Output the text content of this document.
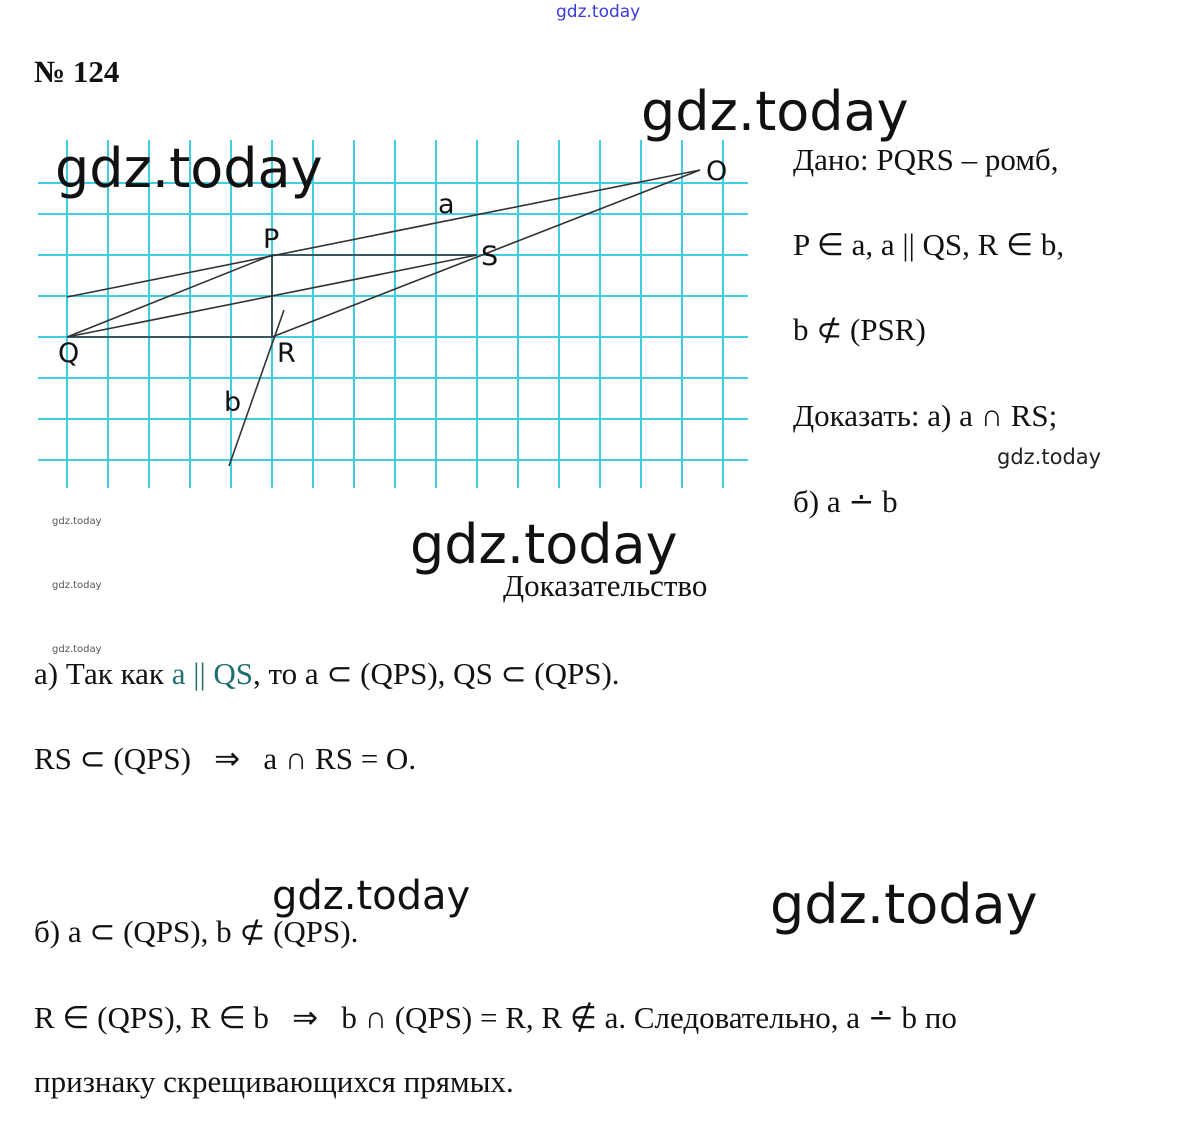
gdz.today
№ 124
O
a
P
S
Q	R
b
gdz.today
gdz.today	Дано: PQRS – ромб,
P ∈ a, a || QS, R ∈ b,
b ⊄ (PSR)
Доказать: а) a ∩ RS;
gdz.today
б) a ∸ b
gdz.today
gdz.today
gdz.today
gdz.today
Доказательство
а) Так как a || QS, то a ⊂ (QPS), QS ⊂ (QPS).
RS ⊂ (QPS)   ⇒   a ∩ RS = O.
gdz.today	gdz.today
б) a ⊂ (QPS), b ⊄ (QPS).
R ∈ (QPS), R ∈ b   ⇒   b ∩ (QPS) = R, R ∉ a. Следовательно, a ∸ b по
признаку скрещивающихся прямых.
